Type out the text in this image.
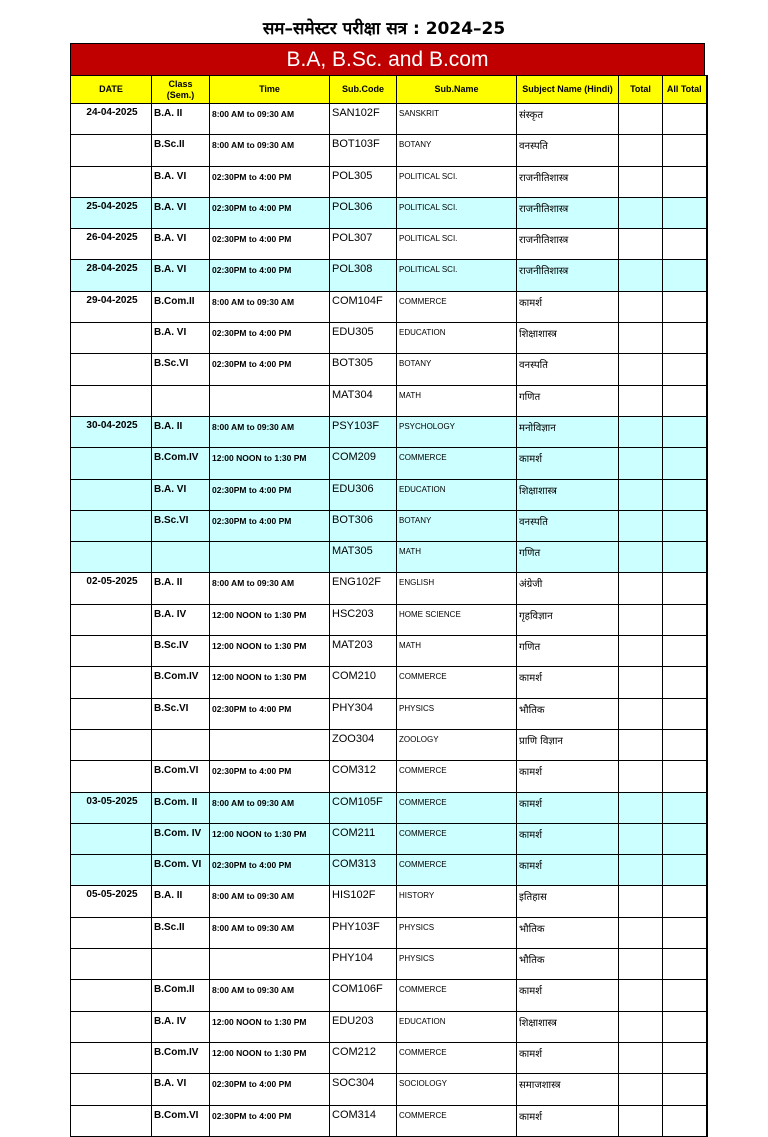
सम–समेस्टर परीक्षा सत्र : 2024–25
B.A, B.Sc. and B.com
DATE	Class (Sem.)	Time	Sub.Code	Sub.Name	Subject Name (Hindi)	Total	All Total
24-04-2025	B.A. II	8:00 AM to 09:30 AM	SAN102F	SANSKRIT	संस्कृत		
	B.Sc.II	8:00 AM to 09:30 AM	BOT103F	BOTANY	वनस्पति		
	B.A. VI	02:30PM to 4:00 PM	POL305	POLITICAL SCI.	राजनीतिशास्त्र		
25-04-2025	B.A. VI	02:30PM to 4:00 PM	POL306	POLITICAL SCI.	राजनीतिशास्त्र		
26-04-2025	B.A. VI	02:30PM to 4:00 PM	POL307	POLITICAL SCI.	राजनीतिशास्त्र		
28-04-2025	B.A. VI	02:30PM to 4:00 PM	POL308	POLITICAL SCI.	राजनीतिशास्त्र		
29-04-2025	B.Com.II	8:00 AM to 09:30 AM	COM104F	COMMERCE	कामर्श		
	B.A. VI	02:30PM to 4:00 PM	EDU305	EDUCATION	शिक्षाशास्त्र		
	B.Sc.VI	02:30PM to 4:00 PM	BOT305	BOTANY	वनस्पति		
			MAT304	MATH	गणित		
30-04-2025	B.A. II	8:00 AM to 09:30 AM	PSY103F	PSYCHOLOGY	मनोविज्ञान		
	B.Com.IV	12:00 NOON to 1:30 PM	COM209	COMMERCE	कामर्श		
	B.A. VI	02:30PM to 4:00 PM	EDU306	EDUCATION	शिक्षाशास्त्र		
	B.Sc.VI	02:30PM to 4:00 PM	BOT306	BOTANY	वनस्पति		
			MAT305	MATH	गणित		
02-05-2025	B.A. II	8:00 AM to 09:30 AM	ENG102F	ENGLISH	अंग्रेजी		
	B.A. IV	12:00 NOON to 1:30 PM	HSC203	HOME SCIENCE	गृहविज्ञान		
	B.Sc.IV	12:00 NOON to 1:30 PM	MAT203	MATH	गणित		
	B.Com.IV	12:00 NOON to 1:30 PM	COM210	COMMERCE	कामर्श		
	B.Sc.VI	02:30PM to 4:00 PM	PHY304	PHYSICS	भौतिक		
			ZOO304	ZOOLOGY	प्राणि विज्ञान		
	B.Com.VI	02:30PM to 4:00 PM	COM312	COMMERCE	कामर्श		
03-05-2025	B.Com. II	8:00 AM to 09:30 AM	COM105F	COMMERCE	कामर्श		
	B.Com. IV	12:00 NOON to 1:30 PM	COM211	COMMERCE	कामर्श		
	B.Com. VI	02:30PM to 4:00 PM	COM313	COMMERCE	कामर्श		
05-05-2025	B.A. II	8:00 AM to 09:30 AM	HIS102F	HISTORY	इतिहास		
	B.Sc.II	8:00 AM to 09:30 AM	PHY103F	PHYSICS	भौतिक		
			PHY104	PHYSICS	भौतिक		
	B.Com.II	8:00 AM to 09:30 AM	COM106F	COMMERCE	कामर्श		
	B.A. IV	12:00 NOON to 1:30 PM	EDU203	EDUCATION	शिक्षाशास्त्र		
	B.Com.IV	12:00 NOON to 1:30 PM	COM212	COMMERCE	कामर्श		
	B.A. VI	02:30PM to 4:00 PM	SOC304	SOCIOLOGY	समाजशास्त्र		
	B.Com.VI	02:30PM to 4:00 PM	COM314	COMMERCE	कामर्श		
